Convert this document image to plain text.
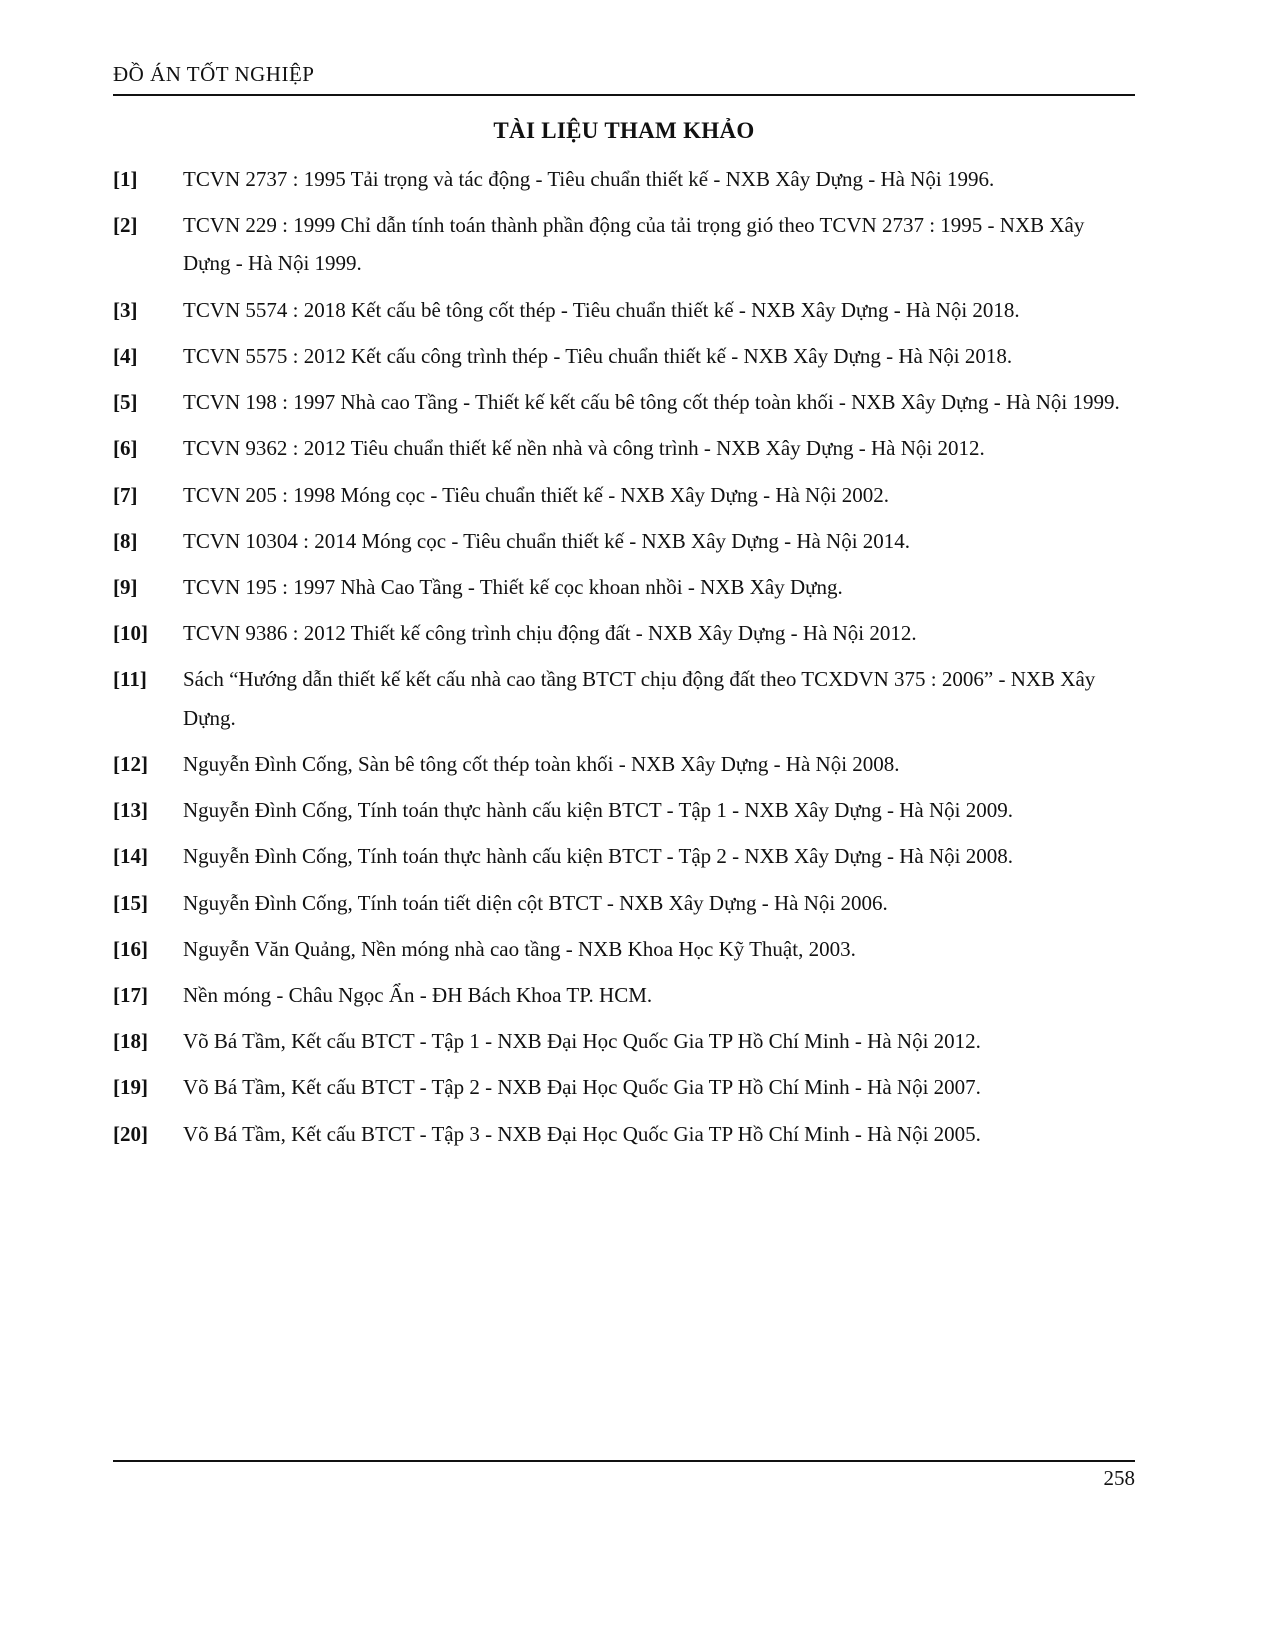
ĐỒ ÁN TỐT NGHIỆP
TÀI LIỆU THAM KHẢO
[1]	TCVN 2737 : 1995 Tải trọng và tác động - Tiêu chuẩn thiết kế - NXB Xây Dựng - Hà Nội 1996.
[2]	TCVN 229 : 1999 Chỉ dẫn tính toán thành phần động của tải trọng gió theo TCVN 2737 : 1995 - NXB Xây Dựng - Hà Nội 1999.
[3]	TCVN 5574 : 2018 Kết cấu bê tông cốt thép - Tiêu chuẩn thiết kế - NXB Xây Dựng - Hà Nội 2018.
[4]	TCVN 5575 : 2012 Kết cấu công trình thép - Tiêu chuẩn thiết kế - NXB Xây Dựng - Hà Nội 2018.
[5]	TCVN 198 : 1997 Nhà cao Tầng - Thiết kế kết cấu bê tông cốt thép toàn khối - NXB Xây Dựng - Hà Nội 1999.
[6]	TCVN 9362 : 2012 Tiêu chuẩn thiết kế nền nhà và công trình - NXB Xây Dựng - Hà Nội 2012.
[7]	TCVN 205 : 1998 Móng cọc - Tiêu chuẩn thiết kế - NXB Xây Dựng - Hà Nội 2002.
[8]	TCVN 10304 : 2014 Móng cọc - Tiêu chuẩn thiết kế - NXB Xây Dựng - Hà Nội 2014.
[9]	TCVN 195 : 1997 Nhà Cao Tầng - Thiết kế cọc khoan nhồi - NXB Xây Dựng.
[10]	TCVN 9386 : 2012 Thiết kế công trình chịu động đất - NXB Xây Dựng - Hà Nội 2012.
[11]	Sách “Hướng dẫn thiết kế kết cấu nhà cao tầng BTCT chịu động đất theo TCXDVN 375 : 2006” - NXB Xây Dựng.
[12]	Nguyễn Đình Cống, Sàn bê tông cốt thép toàn khối - NXB Xây Dựng - Hà Nội 2008.
[13]	Nguyễn Đình Cống, Tính toán thực hành cấu kiện BTCT - Tập 1 - NXB Xây Dựng - Hà Nội 2009.
[14]	Nguyễn Đình Cống, Tính toán thực hành cấu kiện BTCT - Tập 2 - NXB Xây Dựng - Hà Nội 2008.
[15]	Nguyễn Đình Cống, Tính toán tiết diện cột BTCT - NXB Xây Dựng - Hà Nội 2006.
[16]	Nguyễn Văn Quảng, Nền móng nhà cao tầng - NXB Khoa Học Kỹ Thuật, 2003.
[17]	Nền móng - Châu Ngọc Ẩn - ĐH Bách Khoa TP. HCM.
[18]	Võ Bá Tầm, Kết cấu BTCT - Tập 1 - NXB Đại Học Quốc Gia TP Hồ Chí Minh - Hà Nội 2012.
[19]	Võ Bá Tầm, Kết cấu BTCT - Tập 2 - NXB Đại Học Quốc Gia TP Hồ Chí Minh - Hà Nội 2007.
[20]	Võ Bá Tầm, Kết cấu BTCT - Tập 3 - NXB Đại Học Quốc Gia TP Hồ Chí Minh - Hà Nội 2005.
258
